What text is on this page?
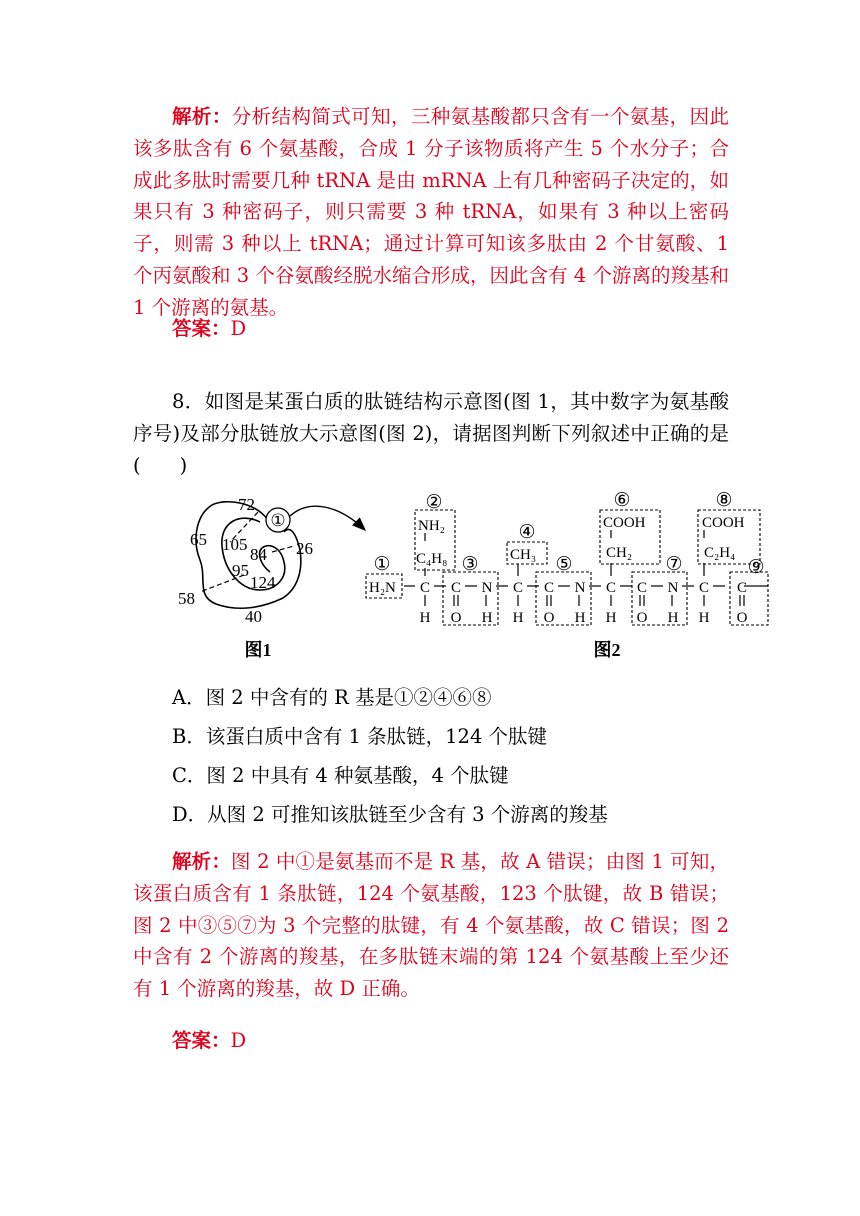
解析：分析结构简式可知，三种氨基酸都只含有一个氨基，因此该多肽含有 6 个氨基酸，合成 1 分子该物质将产生 5 个水分子；合成此多肽时需要几种 tRNA 是由 mRNA 上有几种密码子决定的，如果只有 3 种密码子，则只需要 3 种 tRNA，如果有 3 种以上密码子，则需 3 种以上 tRNA；通过计算可知该多肽由 2 个甘氨酸、1 个丙氨酸和 3 个谷氨酸经脱水缩合形成，因此含有 4 个游离的羧基和 1 个游离的氨基。
答案：D
8．如图是某蛋白质的肽链结构示意图(图 1，其中数字为氨基酸序号)及部分肽链放大示意图(图 2)，请据图判断下列叙述中正确的是(　　)
①
72
65 105
84 26
95
124
58
40
图1
H₂N
NH₂
C₄H₈	CH₃
COOH
CH₂
COOH
C₂H₄
C C N C C N C C N C C
H O H H O H H O H H O
①
②
③
④
⑤
⑥
⑦
⑧
⑨
图2
A．图 2 中含有的 R 基是①②④⑥⑧
B．该蛋白质中含有 1 条肽链，124 个肽键
C．图 2 中具有 4 种氨基酸，4 个肽键
D．从图 2 可推知该肽链至少含有 3 个游离的羧基
解析：图 2 中①是氨基而不是 R 基，故 A 错误；由图 1 可知，该蛋白质含有 1 条肽链，124 个氨基酸，123 个肽键，故 B 错误；图 2 中③⑤⑦为 3 个完整的肽键，有 4 个氨基酸，故 C 错误；图 2 中含有 2 个游离的羧基，在多肽链末端的第 124 个氨基酸上至少还有 1 个游离的羧基，故 D 正确。
答案：D
